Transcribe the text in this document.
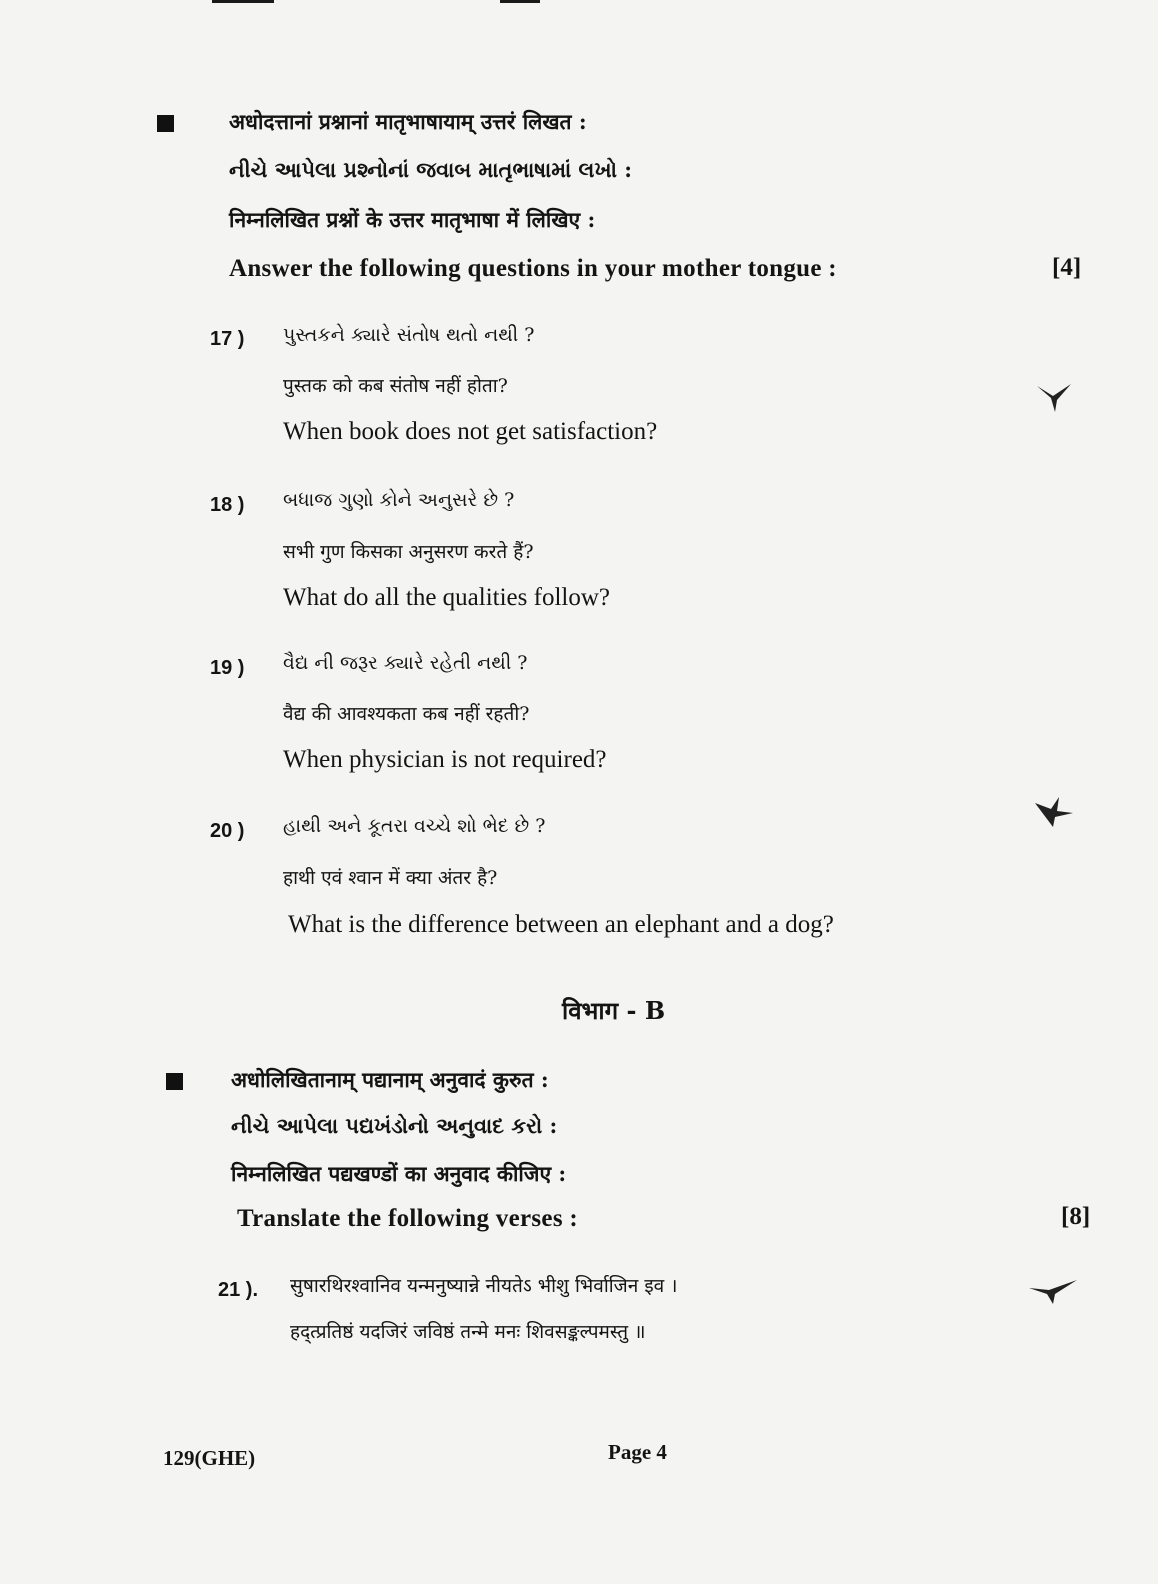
अधोदत्तानां प्रश्नानां मातृभाषायाम् उत्तरं लिखत :
નીચે આપેલા પ્રશ્નોનાં જવાબ માતૃભાષામાં લખો :
निम्नलिखित प्रश्नों के उत्तर मातृभाषा में लिखिए :
Answer the following questions in your mother tongue :	[4]
17 ) પુસ્તકને ક્યારે સંતોષ થતો નથી ?
पुस्तक को कब संतोष नहीं होता?
When book does not get satisfaction?
18 ) બધાજ ગુણો કોને અનુસરે છે ?
सभी गुण किसका अनुसरण करते हैं?
What do all the qualities follow?
19 ) વૈદ્ય ની જરૂર ક્યારે રહેતી નથી ?
वैद्य की आवश्यकता कब नहीं रहती?
When physician is not required?
20 ) હાથી અને કૂતરા વચ્ચે શો ભેદ છે ?
हाथी एवं श्वान में क्या अंतर है?
What is the difference between an elephant and a dog?
विभाग - B
अधोलिखितानाम् पद्यानाम् अनुवादं कुरुत :
નીચે આપેલા પદ્યખંડોનો અનુવાદ કરો :
निम्नलिखित पद्यखण्डों का अनुवाद कीजिए :
Translate the following verses :	[8]
21 ). सुषारथिरश्वानिव यन्मनुष्यान्ने नीयतेऽ भीशु भिर्वाजिन इव ।
हद्त्प्रतिष्ठं यदजिरं जविष्ठं तन्मे मनः शिवसङ्कल्पमस्तु ॥
129(GHE)	Page 4
